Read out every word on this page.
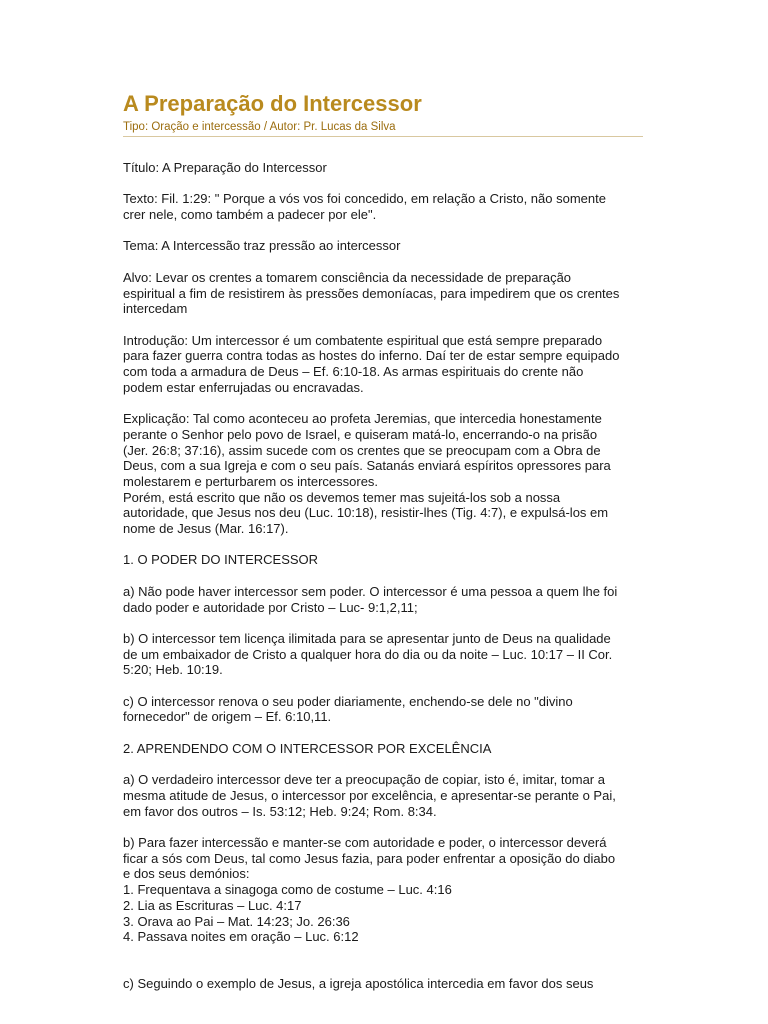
A Preparação do Intercessor
Tipo: Oração e intercessão / Autor: Pr. Lucas da Silva

Título: A Preparação do Intercessor

Texto: Fil. 1:29: " Porque a vós vos foi concedido, em relação a Cristo, não somente
crer nele, como também a padecer por ele".

Tema: A Intercessão traz pressão ao intercessor

Alvo: Levar os crentes a tomarem consciência da necessidade de preparação
espiritual a fim de resistirem às pressões demoníacas, para impedirem que os crentes
intercedam

Introdução: Um intercessor é um combatente espiritual que está sempre preparado
para fazer guerra contra todas as hostes do inferno. Daí ter de estar sempre equipado
com toda a armadura de Deus – Ef. 6:10-18. As armas espirituais do crente não
podem estar enferrujadas ou encravadas.

Explicação: Tal como aconteceu ao profeta Jeremias, que intercedia honestamente
perante o Senhor pelo povo de Israel, e quiseram matá-lo, encerrando-o na prisão
(Jer. 26:8; 37:16), assim sucede com os crentes que se preocupam com a Obra de
Deus, com a sua Igreja e com o seu país. Satanás enviará espíritos opressores para
molestarem e perturbarem os intercessores.
Porém, está escrito que não os devemos temer mas sujeitá-los sob a nossa
autoridade, que Jesus nos deu (Luc. 10:18), resistir-lhes (Tig. 4:7), e expulsá-los em
nome de Jesus (Mar. 16:17).

1. O PODER DO INTERCESSOR

a) Não pode haver intercessor sem poder. O intercessor é uma pessoa a quem lhe foi
dado poder e autoridade por Cristo – Luc- 9:1,2,11;

b) O intercessor tem licença ilimitada para se apresentar junto de Deus na qualidade
de um embaixador de Cristo a qualquer hora do dia ou da noite – Luc. 10:17 – II Cor.
5:20; Heb. 10:19.

c) O intercessor renova o seu poder diariamente, enchendo-se dele no "divino
fornecedor" de origem – Ef. 6:10,11.

2. APRENDENDO COM O INTERCESSOR POR EXCELÊNCIA

a) O verdadeiro intercessor deve ter a preocupação de copiar, isto é, imitar, tomar a
mesma atitude de Jesus, o intercessor por excelência, e apresentar-se perante o Pai,
em favor dos outros – Is. 53:12; Heb. 9:24; Rom. 8:34.

b) Para fazer intercessão e manter-se com autoridade e poder, o intercessor deverá
ficar a sós com Deus, tal como Jesus fazia, para poder enfrentar a oposição do diabo
e dos seus demónios:
1. Frequentava a sinagoga como de costume – Luc. 4:16
2. Lia as Escrituras – Luc. 4:17
3. Orava ao Pai – Mat. 14:23; Jo. 26:36
4. Passava noites em oração – Luc. 6:12

c) Seguindo o exemplo de Jesus, a igreja apostólica intercedia em favor dos seus
